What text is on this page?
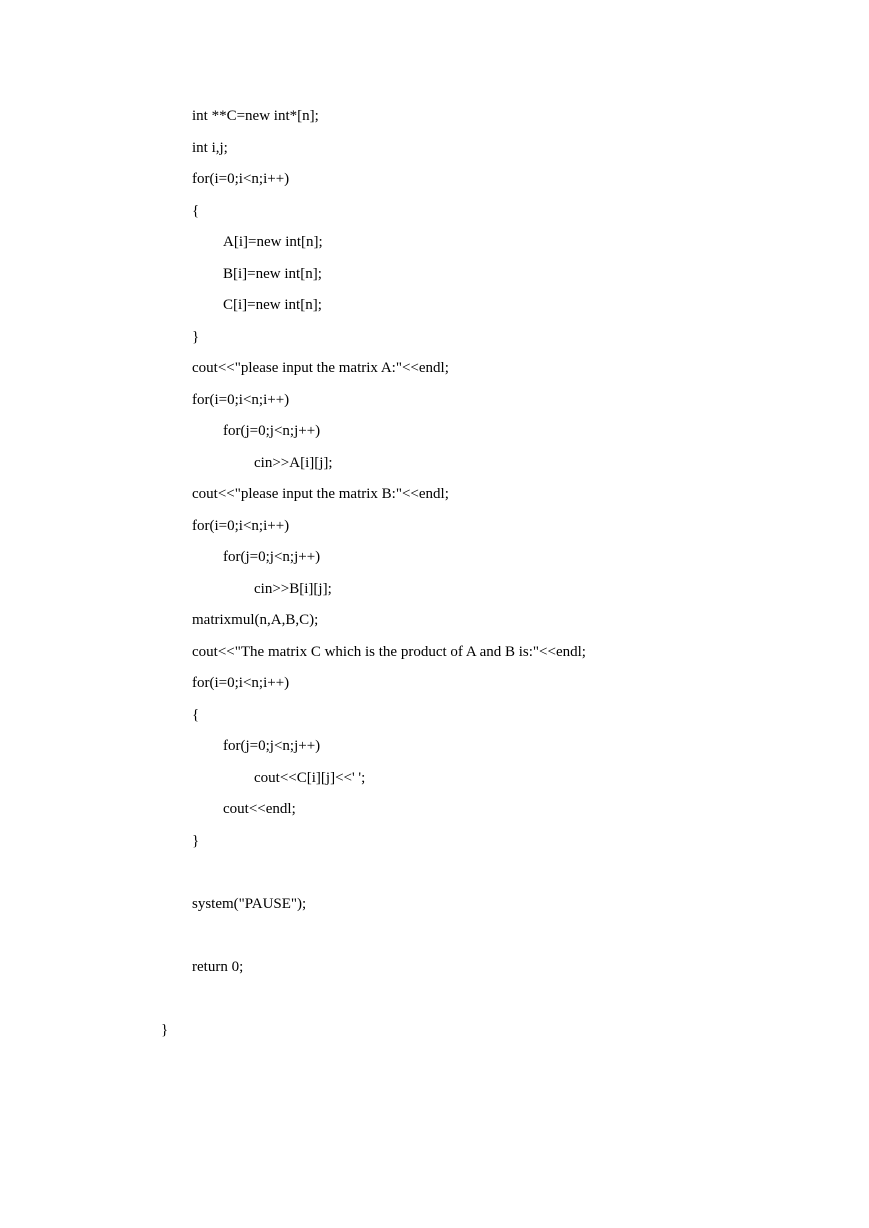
int **C=new int*[n];
int i,j;
for(i=0;i<n;i++)
{
A[i]=new int[n];
B[i]=new int[n];
C[i]=new int[n];
}
cout<<"please input the matrix A:"<<endl;
for(i=0;i<n;i++)
for(j=0;j<n;j++)
cin>>A[i][j];
cout<<"please input the matrix B:"<<endl;
for(i=0;i<n;i++)
for(j=0;j<n;j++)
cin>>B[i][j];
matrixmul(n,A,B,C);
cout<<"The matrix C which is the product of A and B is:"<<endl;
for(i=0;i<n;i++)
{
for(j=0;j<n;j++)
cout<<C[i][j]<<' ';
cout<<endl;
}
system("PAUSE");
return 0;
}
